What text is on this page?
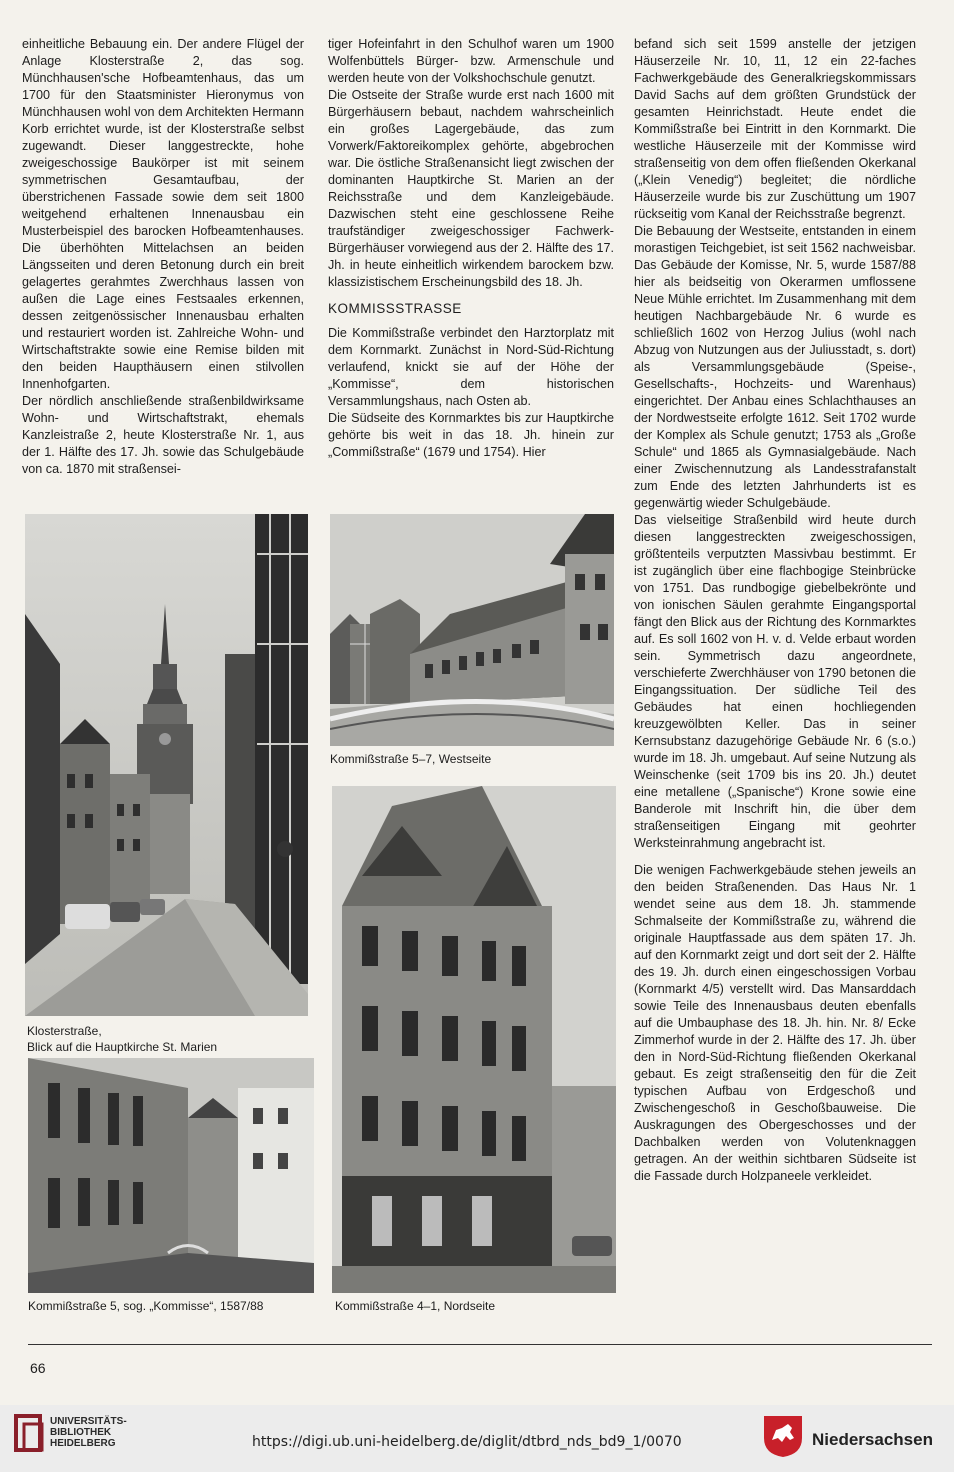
einheitliche Bebauung ein. Der andere Flügel der Anlage Klosterstraße 2, das sog. Münchhausen'sche Hofbeamtenhaus, das um 1700 für den Staatsminister Hieronymus von Münchhausen wohl von dem Architekten Hermann Korb errichtet wurde, ist der Klosterstraße selbst zugewandt. Dieser langgestreckte, hohe zweigeschossige Baukörper ist mit seinem symmetrischen Gesamtaufbau, der überstrichenen Fassade sowie dem seit 1800 weitgehend erhaltenen Innenausbau ein Musterbeispiel des barocken Hofbeamtenhauses. Die überhöhten Mittelachsen an beiden Längsseiten und deren Betonung durch ein breit gelagertes gerahmtes Zwerchhaus lassen von außen die Lage eines Festsaales erkennen, dessen zeitgenössischer Innenausbau erhalten und restauriert worden ist. Zahlreiche Wohn- und Wirtschaftstrakte sowie eine Remise bilden mit den beiden Haupthäusern einen stilvollen Innenhofgarten.

Der nördlich anschließende straßenbildwirksame Wohn- und Wirtschaftstrakt, ehemals Kanzleistraße 2, heute Klosterstraße Nr. 1, aus der 1. Hälfte des 17. Jh. sowie das Schulgebäude von ca. 1870 mit straßensei-

tiger Hofeinfahrt in den Schulhof waren um 1900 Wolfenbüttels Bürger- bzw. Armenschule und werden heute von der Volkshochschule genutzt.

Die Ostseite der Straße wurde erst nach 1600 mit Bürgerhäusern bebaut, nachdem wahrscheinlich ein großes Lagergebäude, das zum Vorwerk/Faktoreikomplex gehörte, abgebrochen war. Die östliche Straßenansicht liegt zwischen der dominanten Hauptkirche St. Marien an der Reichsstraße und dem Kanzleigebäude. Dazwischen steht eine geschlossene Reihe traufständiger zweigeschossiger Fachwerk-Bürgerhäuser vorwiegend aus der 2. Hälfte des 17. Jh. in heute einheitlich wirkendem barockem bzw. klassizistischem Erscheinungsbild des 18. Jh.

KOMMISSSTRASSE

Die Kommißstraße verbindet den Harztorplatz mit dem Kornmarkt. Zunächst in Nord-Süd-Richtung verlaufend, knickt sie auf der Höhe der „Kommisse“, dem historischen Versammlungshaus, nach Osten ab.

Die Südseite des Kornmarktes bis zur Hauptkirche gehörte bis weit in das 18. Jh. hinein zur „Commißstraße“ (1679 und 1754). Hier

befand sich seit 1599 anstelle der jetzigen Häuserzeile Nr. 10, 11, 12 ein 22-faches Fachwerkgebäude des Generalkriegskommissars David Sachs auf dem größten Grundstück der gesamten Heinrichstadt. Heute endet die Kommißstraße bei Eintritt in den Kornmarkt. Die westliche Häuserzeile mit der Kommisse wird straßenseitig von dem offen fließenden Okerkanal („Klein Venedig“) begleitet; die nördliche Häuserzeile wurde bis zur Zuschüttung um 1907 rückseitig vom Kanal der Reichsstraße begrenzt.

Die Bebauung der Westseite, entstanden in einem morastigen Teichgebiet, ist seit 1562 nachweisbar. Das Gebäude der Komisse, Nr. 5, wurde 1587/88 hier als beidseitig von Okerarmen umflossene Neue Mühle errichtet. Im Zusammenhang mit dem heutigen Nachbargebäude Nr. 6 wurde es schließlich 1602 von Herzog Julius (wohl nach Abzug von Nutzungen aus der Juliusstadt, s. dort) als Versammlungsgebäude (Speise-, Gesellschafts-, Hochzeits- und Warenhaus) eingerichtet. Der Anbau eines Schlachthauses an der Nordwestseite erfolgte 1612. Seit 1702 wurde der Komplex als Schule genutzt; 1753 als „Große Schule“ und 1865 als Gymnasialgebäude. Nach einer Zwischennutzung als Landesstrafanstalt zum Ende des letzten Jahrhunderts ist es gegenwärtig wieder Schulgebäude.

Das vielseitige Straßenbild wird heute durch diesen langgestreckten zweigeschossigen, größtenteils verputzten Massivbau bestimmt. Er ist zugänglich über eine flachbogige Steinbrücke von 1751. Das rundbogige giebelbekrönte und von ionischen Säulen gerahmte Eingangsportal fängt den Blick aus der Richtung des Kornmarktes auf. Es soll 1602 von H. v. d. Velde erbaut worden sein. Symmetrisch dazu angeordnete, verschieferte Zwerchhäuser von 1790 betonen die Eingangssituation. Der südliche Teil des Gebäudes hat einen hochliegenden kreuzgewölbten Keller. Das in seiner Kernsubstanz dazugehörige Gebäude Nr. 6 (s.o.) wurde im 18. Jh. umgebaut. Auf seine Nutzung als Weinschenke (seit 1709 bis ins 20. Jh.) deutet eine metallene („Spanische“) Krone sowie eine Banderole mit Inschrift hin, die über dem straßenseitigen Eingang mit geohrter Werksteinrahmung angebracht ist.

Die wenigen Fachwerkgebäude stehen jeweils an den beiden Straßenenden. Das Haus Nr. 1 wendet seine aus dem 18. Jh. stammende Schmalseite der Kommißstraße zu, während die originale Hauptfassade aus dem späten 17. Jh. auf den Kornmarkt zeigt und dort seit der 2. Hälfte des 19. Jh. durch einen eingeschossigen Vorbau (Kornmarkt 4/5) verstellt wird. Das Mansarddach sowie Teile des Innenausbaus deuten ebenfalls auf die Umbauphase des 18. Jh. hin. Nr. 8/ Ecke Zimmerhof wurde in der 2. Hälfte des 17. Jh. über den in Nord-Süd-Richtung fließenden Okerkanal gebaut. Es zeigt straßenseitig den für die Zeit typischen Aufbau von Erdgeschoß und Zwischengeschoß in Geschoßbauweise. Die Auskragungen des Obergeschosses und der Dachbalken werden von Volutenknaggen getragen. An der weithin sichtbaren Südseite ist die Fassade durch Holzpaneele verkleidet.

Klosterstraße,
Blick auf die Hauptkirche St. Marien
Kommißstraße 5–7, Westseite
Kommißstraße 5, sog. „Kommisse“, 1587/88	Kommißstraße 4–1, Nordseite
66
UNIVERSITÄTS-
BIBLIOTHEK
HEIDELBERG	https://digi.ub.uni-heidelberg.de/diglit/dtbrd_nds_bd9_1/0070	Niedersachsen
